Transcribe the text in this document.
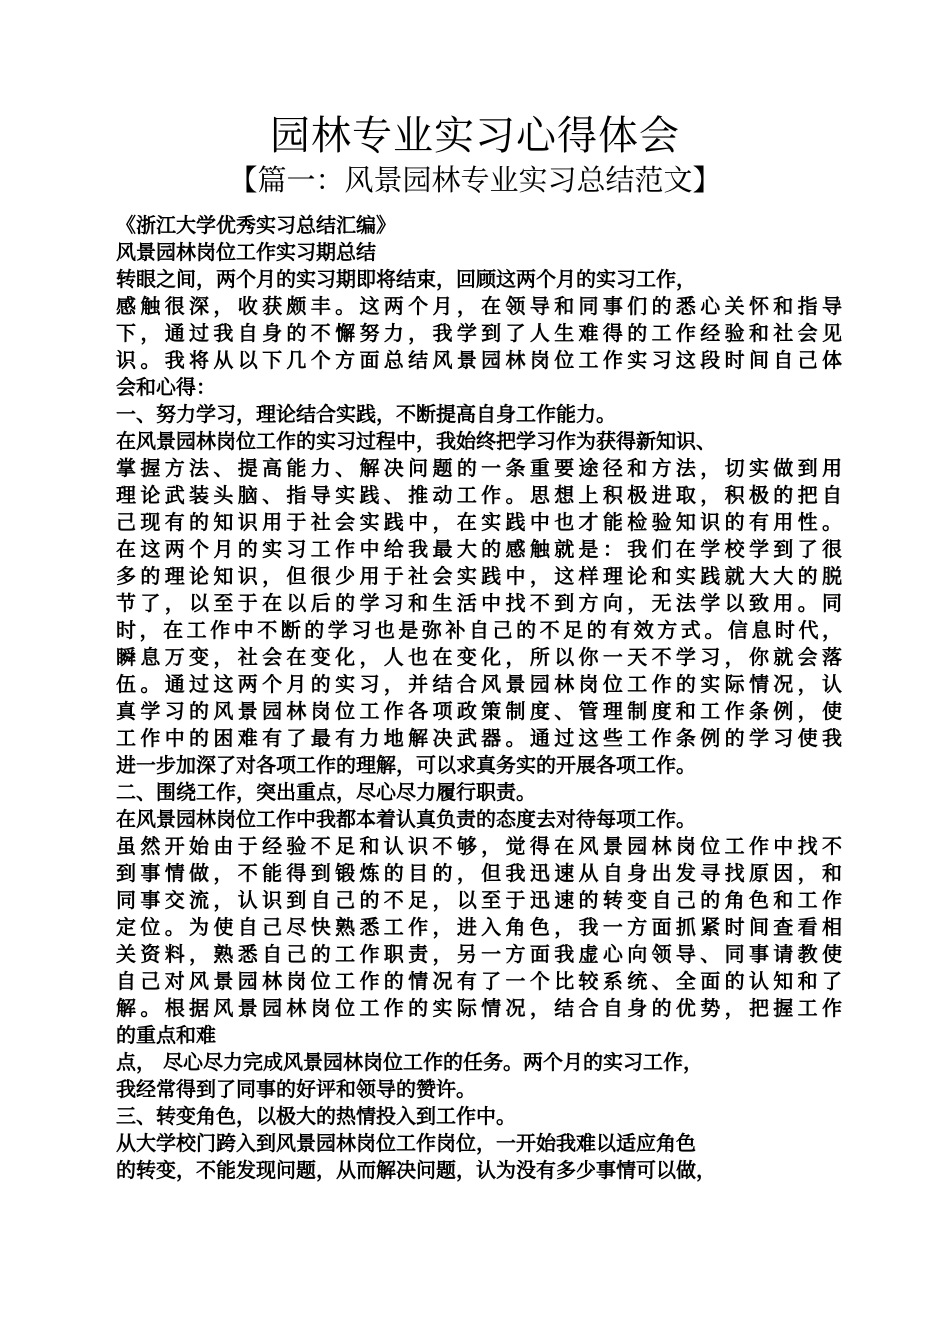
园林专业实习心得体会
【篇一：风景园林专业实习总结范文】

《浙江大学优秀实习总结汇编》

风景园林岗位工作实习期总结

转眼之间，两个月的实习期即将结束，回顾这两个月的实习工作，

感触很深，收获颇丰。这两个月，在领导和同事们的悉心关怀和指导

下，通过我自身的不懈努力，我学到了人生难得的工作经验和社会见

识。我将从以下几个方面总结风景园林岗位工作实习这段时间自己体

会和心得：

一、努力学习，理论结合实践，不断提高自身工作能力。

在风景园林岗位工作的实习过程中，我始终把学习作为获得新知识、

掌握方法、提高能力、解决问题的一条重要途径和方法，切实做到用

理论武装头脑、指导实践、推动工作。思想上积极进取，积极的把自

己现有的知识用于社会实践中，在实践中也才能检验知识的有用性。

在这两个月的实习工作中给我最大的感触就是：我们在学校学到了很

多的理论知识，但很少用于社会实践中，这样理论和实践就大大的脱

节了，以至于在以后的学习和生活中找不到方向，无法学以致用。同

时，在工作中不断的学习也是弥补自己的不足的有效方式。信息时代，

瞬息万变，社会在变化，人也在变化，所以你一天不学习，你就会落

伍。通过这两个月的实习，并结合风景园林岗位工作的实际情况，认

真学习的风景园林岗位工作各项政策制度、管理制度和工作条例，使

工作中的困难有了最有力地解决武器。通过这些工作条例的学习使我

进一步加深了对各项工作的理解，可以求真务实的开展各项工作。

二、围绕工作，突出重点，尽心尽力履行职责。

在风景园林岗位工作中我都本着认真负责的态度去对待每项工作。

虽然开始由于经验不足和认识不够，觉得在风景园林岗位工作中找不

到事情做，不能得到锻炼的目的，但我迅速从自身出发寻找原因，和

同事交流，认识到自己的不足，以至于迅速的转变自己的角色和工作

定位。为使自己尽快熟悉工作，进入角色，我一方面抓紧时间查看相

关资料，熟悉自己的工作职责，另一方面我虚心向领导、同事请教使

自己对风景园林岗位工作的情况有了一个比较系统、全面的认知和了

解。根据风景园林岗位工作的实际情况，结合自身的优势，把握工作

的重点和难

点， 尽心尽力完成风景园林岗位工作的任务。两个月的实习工作，

我经常得到了同事的好评和领导的赞许。

三、转变角色，以极大的热情投入到工作中。

从大学校门跨入到风景园林岗位工作岗位，一开始我难以适应角色

的转变，不能发现问题，从而解决问题，认为没有多少事情可以做，
